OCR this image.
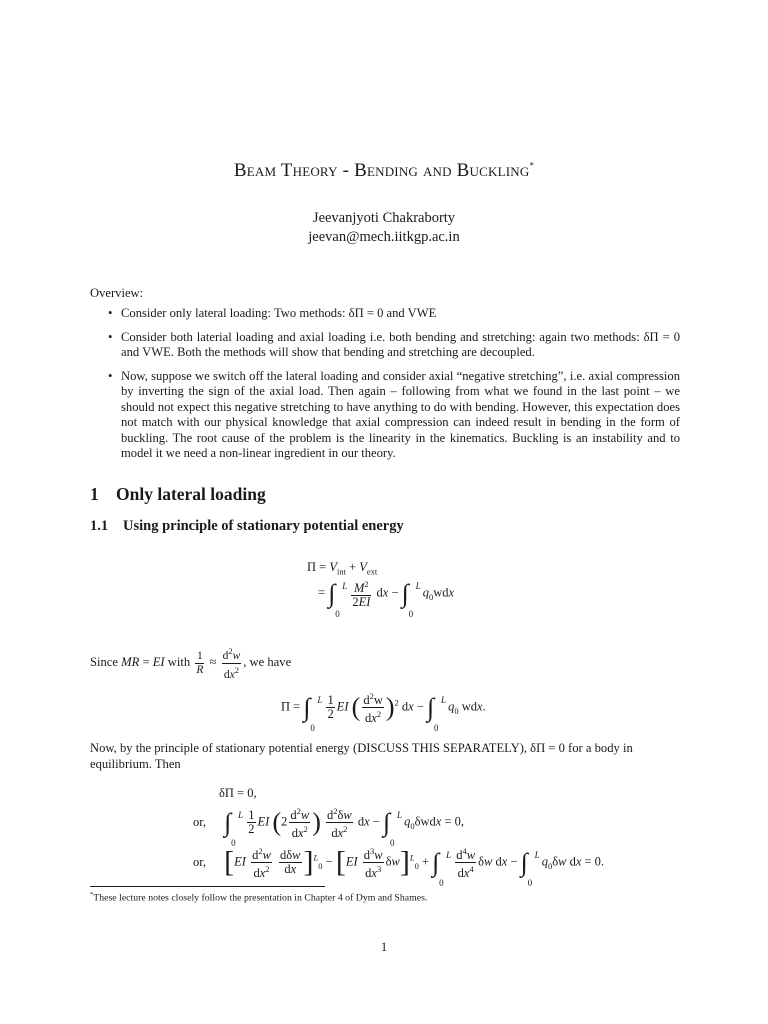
Beam Theory - Bending and Buckling*
Jeevanjyoti Chakraborty
jeevan@mech.iitkgp.ac.in
Overview:
• Consider only lateral loading: Two methods: δΠ = 0 and VWE
• Consider both laterial loading and axial loading i.e. both bending and stretching: again two methods: δΠ = 0 and VWE. Both the methods will show that bending and stretching are decoupled.
• Now, suppose we switch off the lateral loading and consider axial “negative stretching”, i.e. axial compression by inverting the sign of the axial load. Then again – following from what we found in the last point – we should not expect this negative stretching to have anything to do with bending. However, this expectation does not match with our physical knowledge that axial compression can indeed result in bending in the form of buckling. The root cause of the problem is the linearity in the kinematics. Buckling is an instability and to model it we need a non-linear ingredient in our theory.
1 Only lateral loading
1.1 Using principle of stationary potential energy
$\Pi = V_{int} + V_{ext}$
= ∫ L
0

$\frac{M^2}{2EI}$ dx − ∫ L
0
$q_0wdx$
Since MR = EI with $\frac{1}{R} \approx \frac{d^2w}{dx^2}$ , we have
Π = ∫ L
0

$\frac{1}{2}$ EI ( $\frac{d^2w}{dx^2} )^2$ dx − ∫ L
0
$q_0$ wdx.
Now, by the principle of stationary potential energy (DISCUSS THIS SEPARATELY), δΠ = 0 for a body in equilibrium. Then
δΠ = 0,
or, ∫ L
0

$\frac{1}{2}$ EI ($2 \frac{d^2w}{dx^2}$ ) $\frac{d^2\delta w}{dx^2}$ dx − ∫ L
0
$q_0\delta wdx = 0$,
or, [$EI \frac{d^2w}{dx^2}$
$\frac{\text{dδw}}{dx} ]^L_0 - [EI \frac{d^3w}{dx^3} \delta w]^L_0$ + ∫ L
0

$\frac{d^4w}{dx^4}$ δw dx − ∫ L
0
$q_0\delta w$ dx = 0.
*These lecture notes closely follow the presentation in Chapter 4 of Dym and Shames.
1
